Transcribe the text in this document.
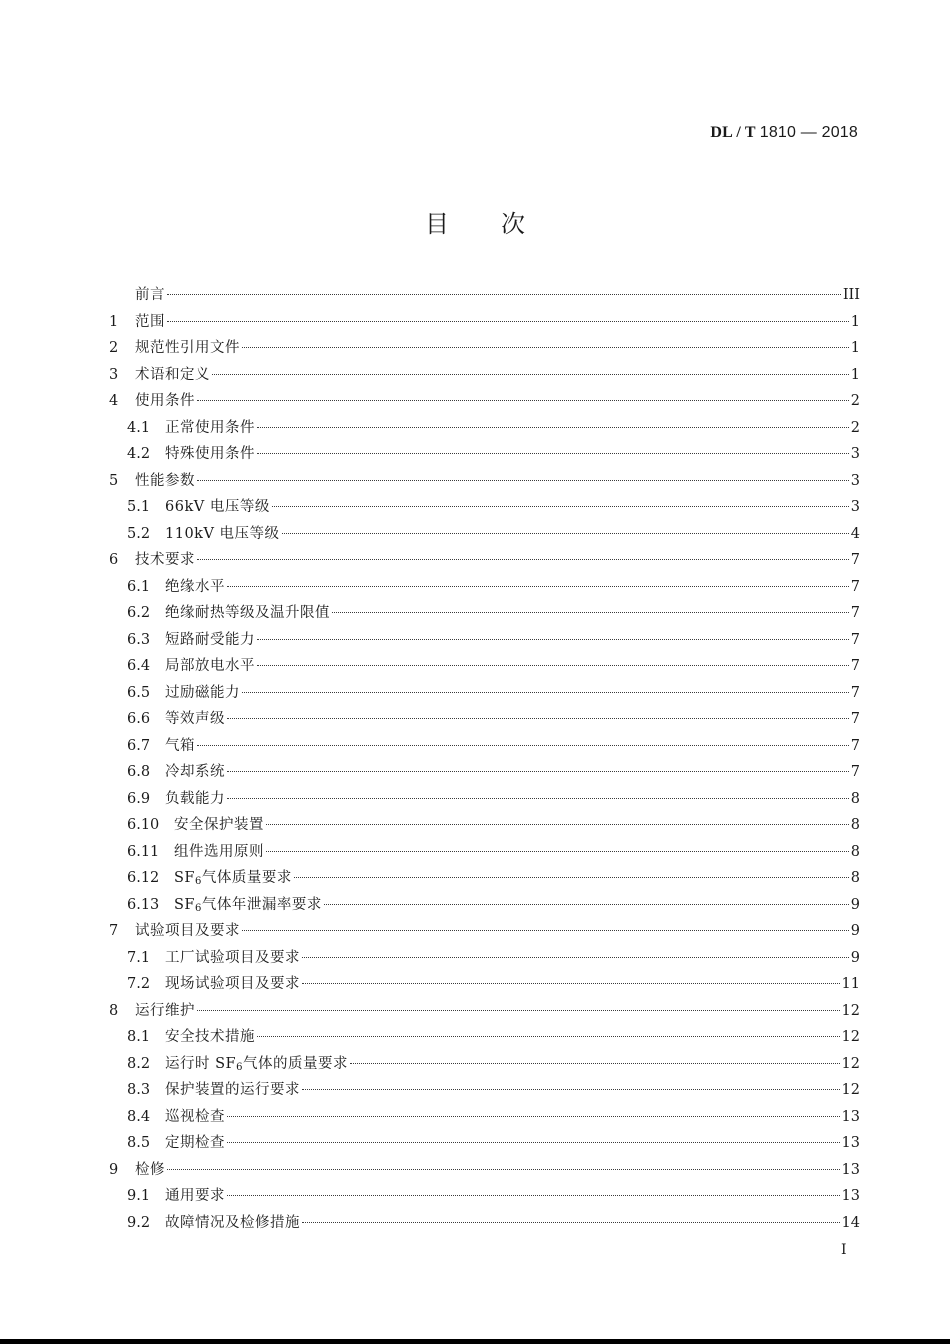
DL / T 1810 — 2018
目次
前言	III
1	范围	1
2	规范性引用文件	1
3	术语和定义	1
4	使用条件	2
4.1	正常使用条件	2
4.2	特殊使用条件	3
5	性能参数	3
5.1	66kV 电压等级	3
5.2	110kV 电压等级	4
6	技术要求	7
6.1	绝缘水平	7
6.2	绝缘耐热等级及温升限值	7
6.3	短路耐受能力	7
6.4	局部放电水平	7
6.5	过励磁能力	7
6.6	等效声级	7
6.7	气箱	7
6.8	冷却系统	7
6.9	负载能力	8
6.10	安全保护装置	8
6.11	组件选用原则	8
6.12	$SF_6$气体质量要求	8
6.13	$SF_6$气体年泄漏率要求	9
7	试验项目及要求	9
7.1	工厂试验项目及要求	9
7.2	现场试验项目及要求	11
8	运行维护	12
8.1	安全技术措施	12
8.2	运行时 $SF_6$气体的质量要求	12
8.3	保护装置的运行要求	12
8.4	巡视检查	13
8.5	定期检查	13
9	检修	13
9.1	通用要求	13
9.2	故障情况及检修措施	14
I
